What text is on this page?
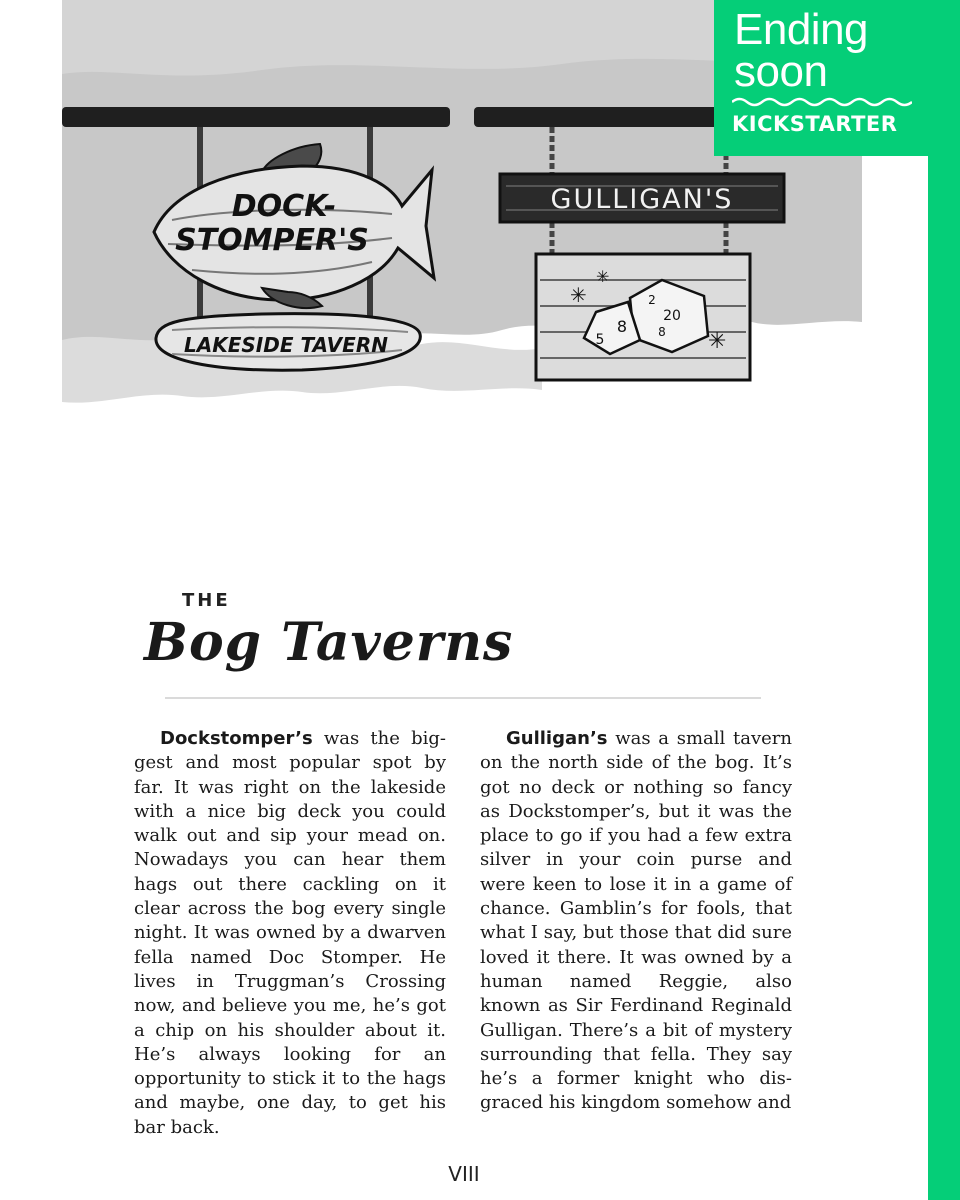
DOCK-
STOMPER'S
LAKESIDE TAVERN
GULLIGAN'S
20
2
8
5
8
✳
✳
✳
Ending
soon
KICKSTARTER
THE
Bog Taverns

Dockstomper’s was the biggest and most popular spot by far. It was right on the lakeside with a nice big deck you could walk out and sip your mead on. Nowadays you can hear them hags out there cackling on it clear across the bog every single night. It was owned by a dwarven fella named Doc Stomper. He lives in Truggman’s Crossing now, and believe you me, he’s got a chip on his shoulder about it. He’s always looking for an opportunity to stick it to the hags and maybe, one day, to get his bar back.

Gulligan’s was a small tavern on the north side of the bog. It’s got no deck or nothing so fancy as Dockstomper’s, but it was the place to go if you had a few extra silver in your coin purse and were keen to lose it in a game of chance. Gamblin’s for fools, that what I say, but those that did sure loved it there. It was owned by a human named Reggie, also known as Sir Ferdinand Reginald Gulligan. There’s a bit of mystery surrounding that fella. They say he’s a former knight who disgraced his kingdom somehow and

VIII
